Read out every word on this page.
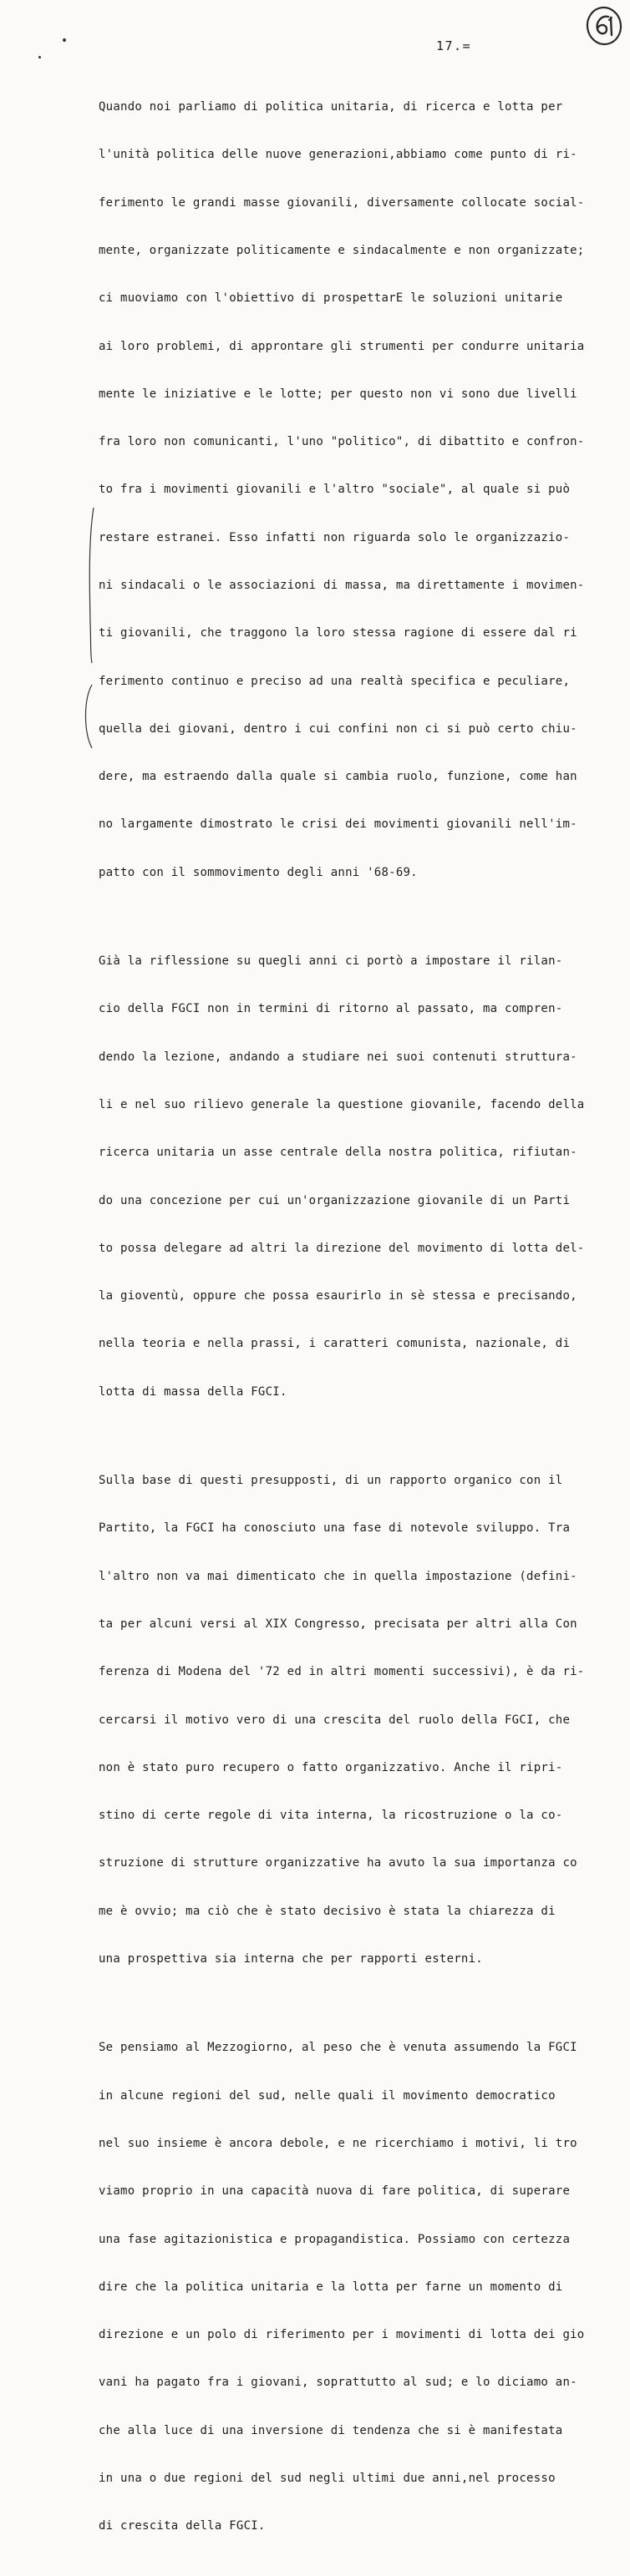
17.=

Quando noi parliamo di politica unitaria, di ricerca e lotta per

l'unità politica delle nuove generazioni,abbiamo come punto di ri-

ferimento le grandi masse giovanili, diversamente collocate social-

mente, organizzate politicamente e sindacalmente e non organizzate;

ci muoviamo con l'obiettivo di prospettarE le soluzioni unitarie

ai loro problemi, di approntare gli strumenti per condurre unitaria

mente le iniziative e le lotte; per questo non vi sono due livelli

fra loro non comunicanti, l'uno "politico", di dibattito e confron-

to fra i movimenti giovanili e l'altro "sociale", al quale si può

restare estranei. Esso infatti non riguarda solo le organizzazio-

ni sindacali o le associazioni di massa, ma direttamente i movimen-

ti giovanili, che traggono la loro stessa ragione di essere dal ri

ferimento continuo e preciso ad una realtà specifica e peculiare,

quella dei giovani, dentro i cui confini non ci si può certo chiu-

dere, ma estraendo dalla quale si cambia ruolo, funzione, come han

no largamente dimostrato le crisi dei movimenti giovanili nell'im-

patto con il sommovimento degli anni '68-69.

Già la riflessione su quegli anni ci portò a impostare il rilan-

cio della FGCI non in termini di ritorno al passato, ma compren-

dendo la lezione, andando a studiare nei suoi contenuti struttura-

li e nel suo rilievo generale la questione giovanile, facendo della

ricerca unitaria un asse centrale della nostra politica, rifiutan-

do una concezione per cui un'organizzazione giovanile di un Parti

to possa delegare ad altri la direzione del movimento di lotta del-

la gioventù, oppure che possa esaurirlo in sè stessa e precisando,

nella teoria e nella prassi, i caratteri comunista, nazionale, di

lotta di massa della FGCI.

Sulla base di questi presupposti, di un rapporto organico con il

Partito, la FGCI ha conosciuto una fase di notevole sviluppo. Tra

l'altro non va mai dimenticato che in quella impostazione (defini-

ta per alcuni versi al XIX Congresso, precisata per altri alla Con

ferenza di Modena del '72 ed in altri momenti successivi), è da ri-

cercarsi il motivo vero di una crescita del ruolo della FGCI, che

non è stato puro recupero o fatto organizzativo. Anche il ripri-

stino di certe regole di vita interna, la ricostruzione o la co-

struzione di strutture organizzative ha avuto la sua importanza co

me è ovvio; ma ciò che è stato decisivo è stata la chiarezza di

una prospettiva sia interna che per rapporti esterni.

Se pensiamo al Mezzogiorno, al peso che è venuta assumendo la FGCI

in alcune regioni del sud, nelle quali il movimento democratico

nel suo insieme è ancora debole, e ne ricerchiamo i motivi, li tro

viamo proprio in una capacità nuova di fare politica, di superare

una fase agitazionistica e propagandistica. Possiamo con certezza

dire che la politica unitaria e la lotta per farne un momento di

direzione e un polo di riferimento per i movimenti di lotta dei gio

vani ha pagato fra i giovani, soprattutto al sud; e lo diciamo an-

che alla luce di una inversione di tendenza che si è manifestata

in una o due regioni del sud negli ultimi due anni,nel processo

di crescita della FGCI.
